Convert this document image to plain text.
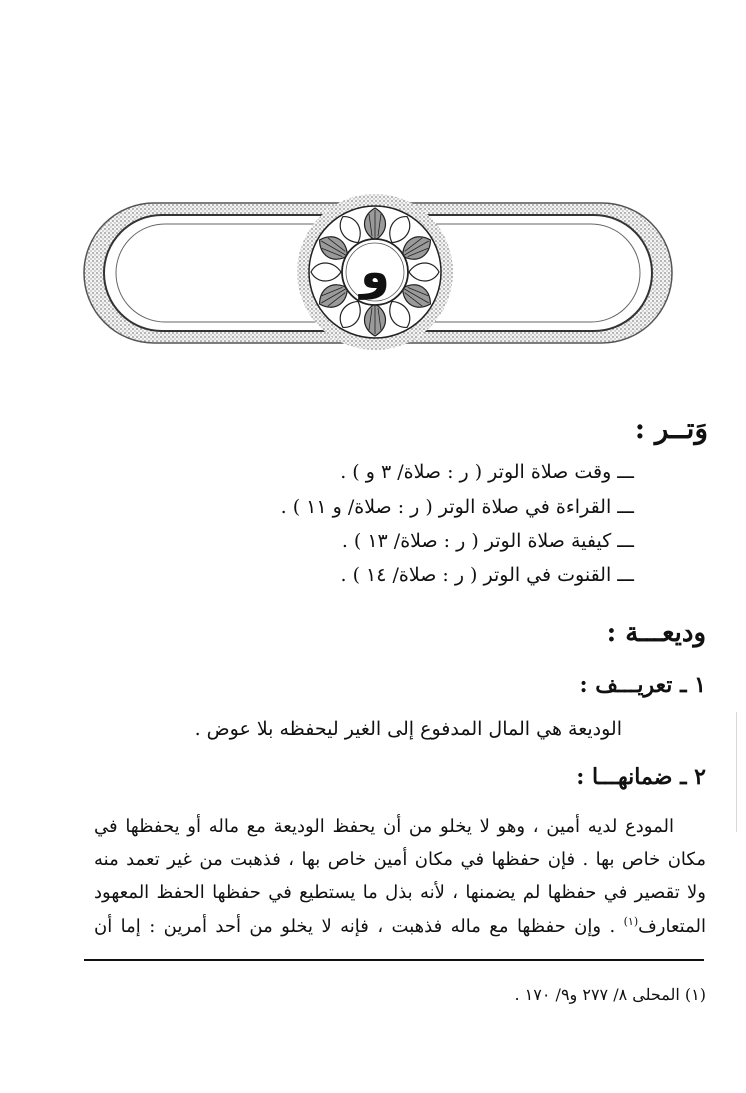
و
وَتــر :
ـــ وقت صلاة الوتر ( ر : صلاة/ ٣ و ) .
ـــ القراءة في صلاة الوتر ( ر : صلاة/ و ١١ ) .
ـــ كيفية صلاة الوتر ( ر : صلاة/ ١٣ ) .
ـــ القنوت في الوتر ( ر : صلاة/ ١٤ ) .
وديعـــة :
١ ـ تعريـــف :
الوديعة هي المال المدفوع إلى الغير ليحفظه بلا عوض .
٢ ـ ضمانهـــا :
المودع لديه أمين ، وهو لا يخلو من أن يحفظ الوديعة مع ماله أو يحفظها في
مكان خاص بها . فإن حفظها في مكان أمين خاص بها ، فذهبت من غير تعمد منه
ولا تقصير في حفظها لم يضمنها ، لأنه بذل ما يستطيع في حفظها الحفظ المعهود
المتعارف$^{(١)}$ . وإن حفظها مع ماله فذهبت ، فإنه لا يخلو من أحد أمرين : إما أن
(١) المحلى ٨/ ٢٧٧ و٩/ ١٧٠ .
